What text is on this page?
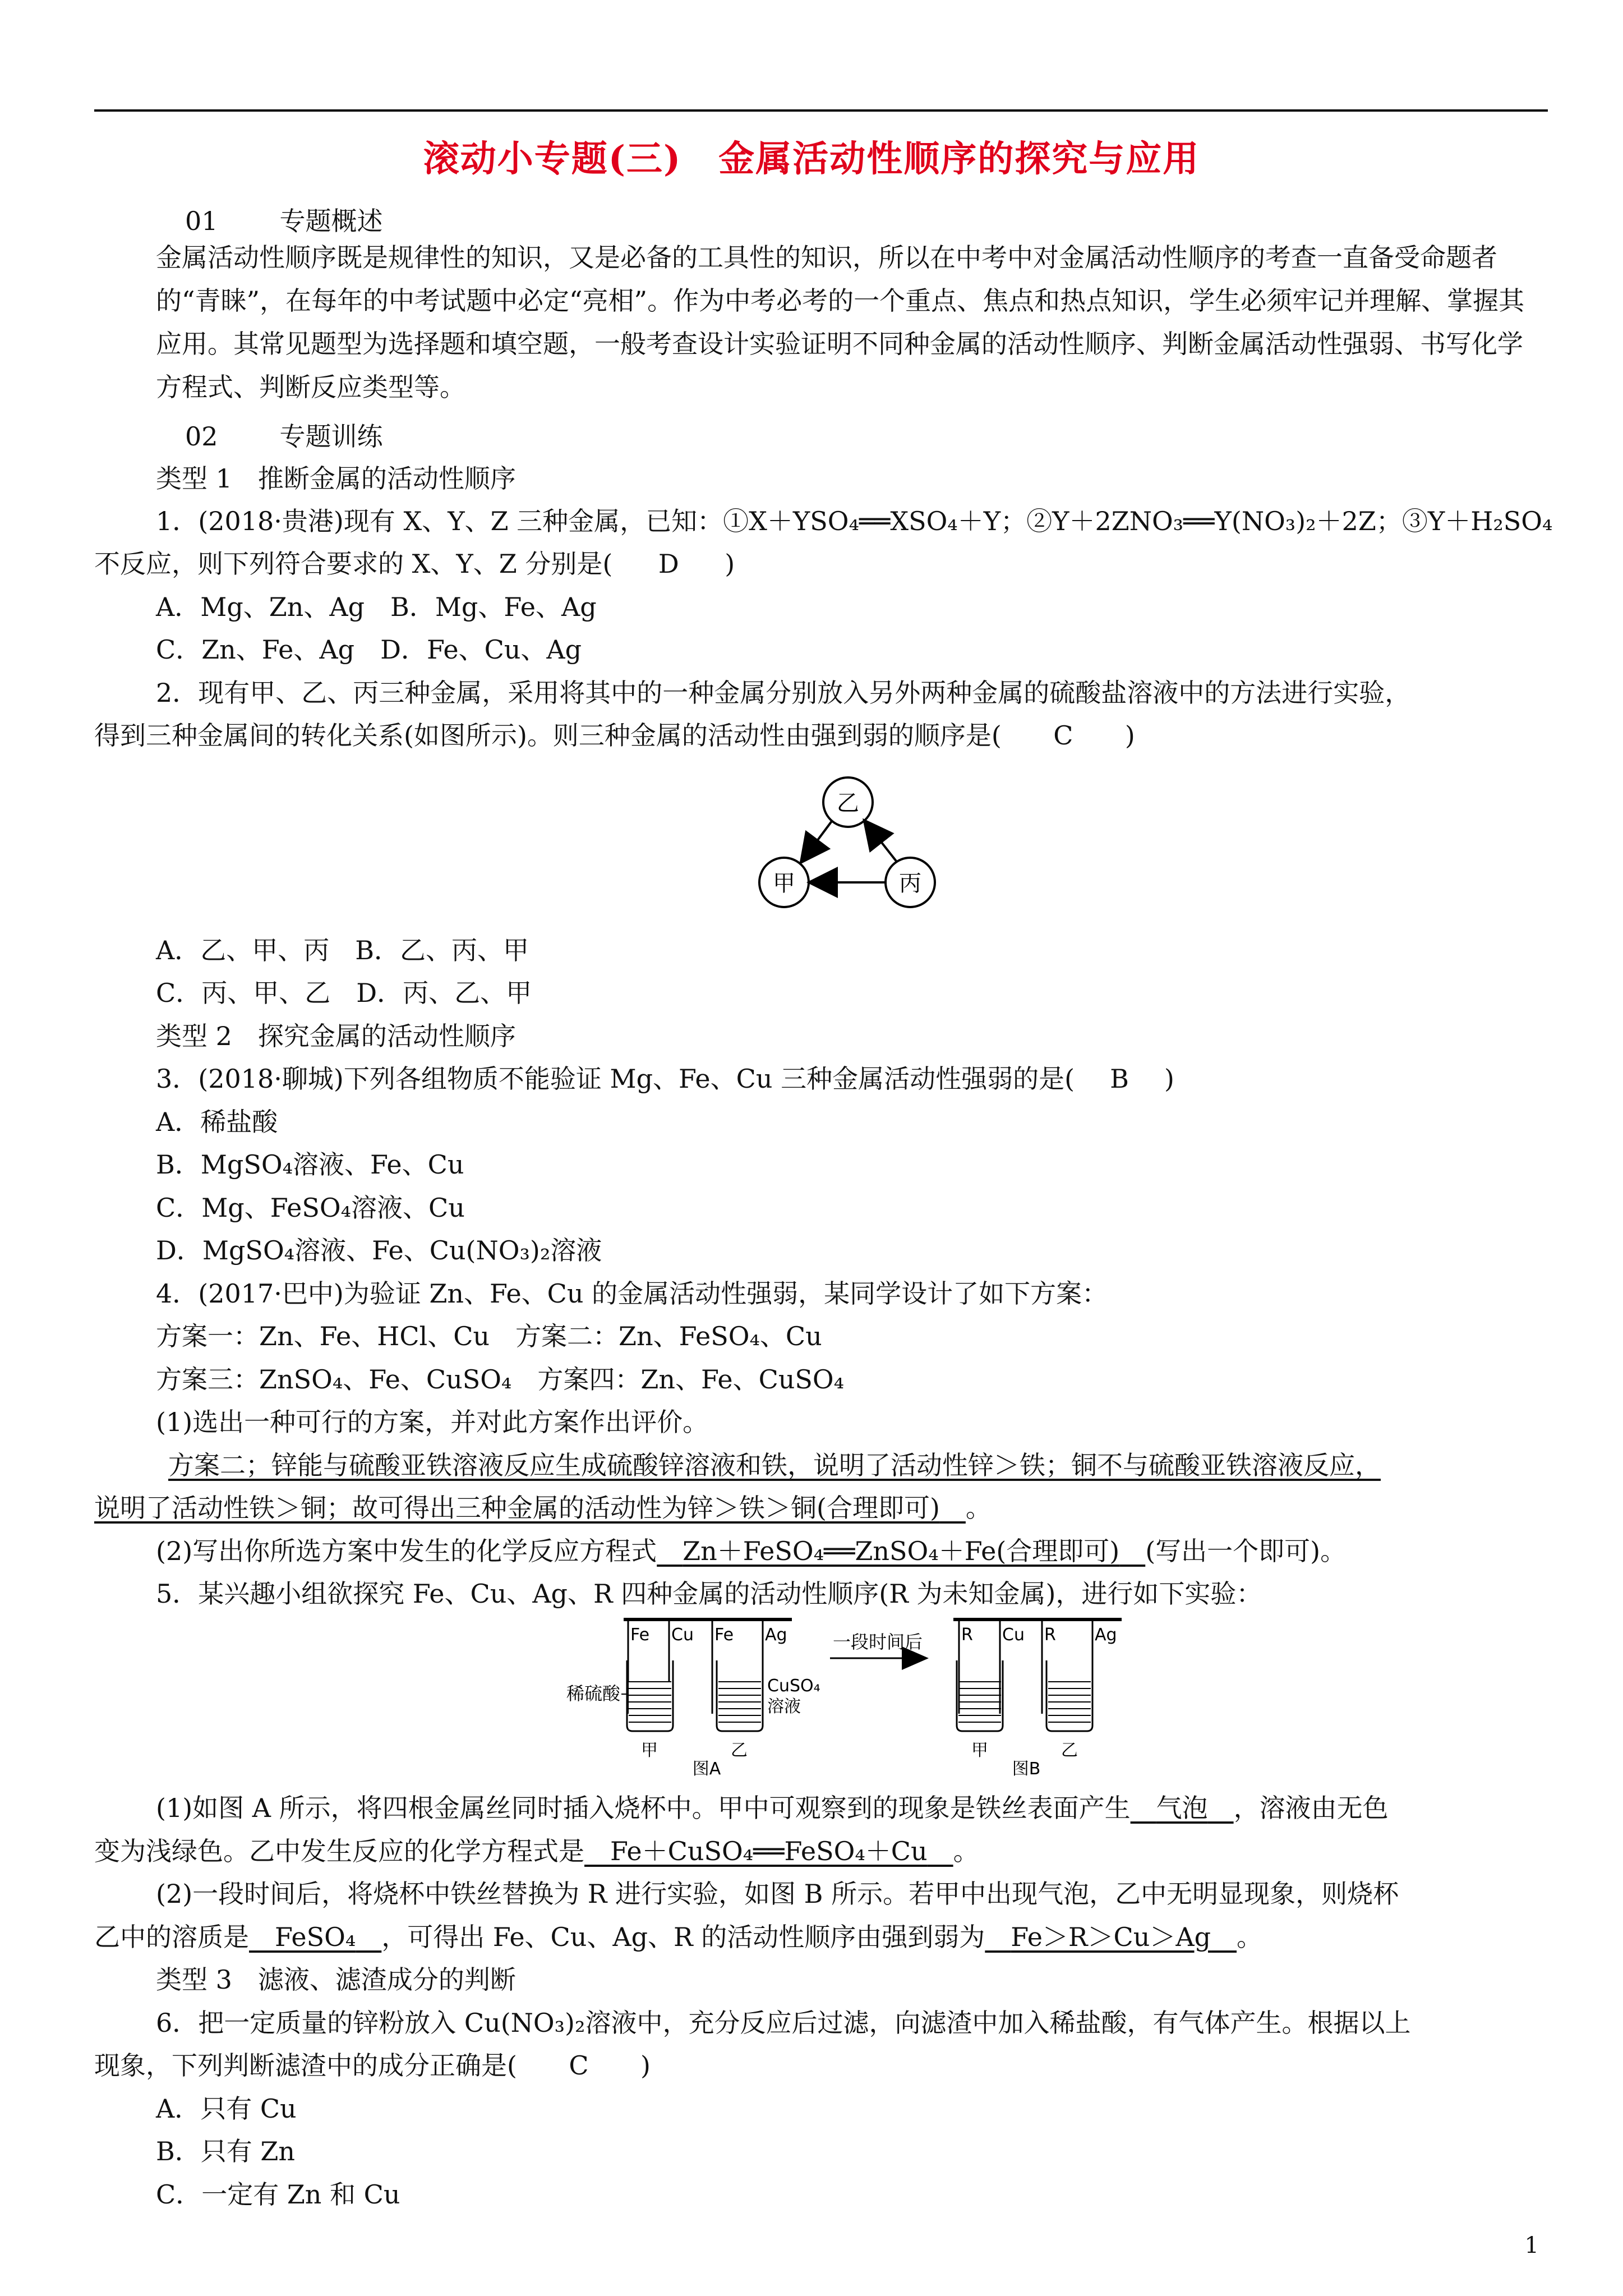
滚动小专题(三)　金属活动性顺序的探究与应用
01 专题概述
金属活动性顺序既是规律性的知识，又是必备的工具性的知识，所以在中考中对金属活动性顺序的考查一直备受命题者的“青睐”，在每年的中考试题中必定“亮相”。作为中考必考的一个重点、焦点和热点知识，学生必须牢记并理解、掌握其应用。其常见题型为选择题和填空题，一般考查设计实验证明不同种金属的活动性顺序、判断金属活动性强弱、书写化学方程式、判断反应类型等。
02 专题训练
类型 1　推断金属的活动性顺序
1．(2018·贵港)现有 X、Y、Z 三种金属，已知：①X＋YSO₄══XSO₄＋Y；②Y＋2ZNO₃══Y(NO₃)₂＋2Z；③Y＋H₂SO₄
不反应，则下列符合要求的 X、Y、Z 分别是( D )
A．Mg、Zn、Ag　B．Mg、Fe、Ag
C．Zn、Fe、Ag　D．Fe、Cu、Ag
2．现有甲、乙、丙三种金属，采用将其中的一种金属分别放入另外两种金属的硫酸盐溶液中的方法进行实验，
得到三种金属间的转化关系(如图所示)。则三种金属的活动性由强到弱的顺序是( C )
乙
甲	丙
A．乙、甲、丙　B．乙、丙、甲
C．丙、甲、乙　D．丙、乙、甲
类型 2　探究金属的活动性顺序
3．(2018·聊城)下列各组物质不能验证 Mg、Fe、Cu 三种金属活动性强弱的是( B )
A．稀盐酸
B．MgSO₄溶液、Fe、Cu
C．Mg、FeSO₄溶液、Cu
D．MgSO₄溶液、Fe、Cu(NO₃)₂溶液
4．(2017·巴中)为验证 Zn、Fe、Cu 的金属活动性强弱，某同学设计了如下方案：
方案一：Zn、Fe、HCl、Cu　方案二：Zn、FeSO₄、Cu
方案三：ZnSO₄、Fe、CuSO₄　方案四：Zn、Fe、CuSO₄
(1)选出一种可行的方案，并对此方案作出评价。
方案二；锌能与硫酸亚铁溶液反应生成硫酸锌溶液和铁，说明了活动性锌＞铁；铜不与硫酸亚铁溶液反应，
说明了活动性铁＞铜；故可得出三种金属的活动性为锌＞铁＞铜(合理即可)　 。
(2)写出你所选方案中发生的化学反应方程式　 Zn＋FeSO₄══ZnSO₄＋Fe(合理即可)　 (写出一个即可)。
5．某兴趣小组欲探究 Fe、Cu、Ag、R 四种金属的活动性顺序(R 为未知金属)，进行如下实验：
Fe Cu Fe Ag
稀硫酸	CuSO₄
溶液
甲	乙
图A
一段时间后 R Cu R Ag
甲	乙
图B
(1)如图 A 所示，将四根金属丝同时插入烧杯中。甲中可观察到的现象是铁丝表面产生　 气泡　 ，溶液由无色
变为浅绿色。乙中发生反应的化学方程式是　 Fe＋CuSO₄══FeSO₄＋Cu　 。
(2)一段时间后，将烧杯中铁丝替换为 R 进行实验，如图 B 所示。若甲中出现气泡，乙中无明显现象，则烧杯
乙中的溶质是　 FeSO₄　 ，可得出 Fe、Cu、Ag、R 的活动性顺序由强到弱为　 Fe＞R＞Cu＞Ag　 。
类型 3　滤液、滤渣成分的判断
6．把一定质量的锌粉放入 Cu(NO₃)₂溶液中，充分反应后过滤，向滤渣中加入稀盐酸，有气体产生。根据以上
现象，下列判断滤渣中的成分正确是( C )
A．只有 Cu
B．只有 Zn
C．一定有 Zn 和 Cu
1
